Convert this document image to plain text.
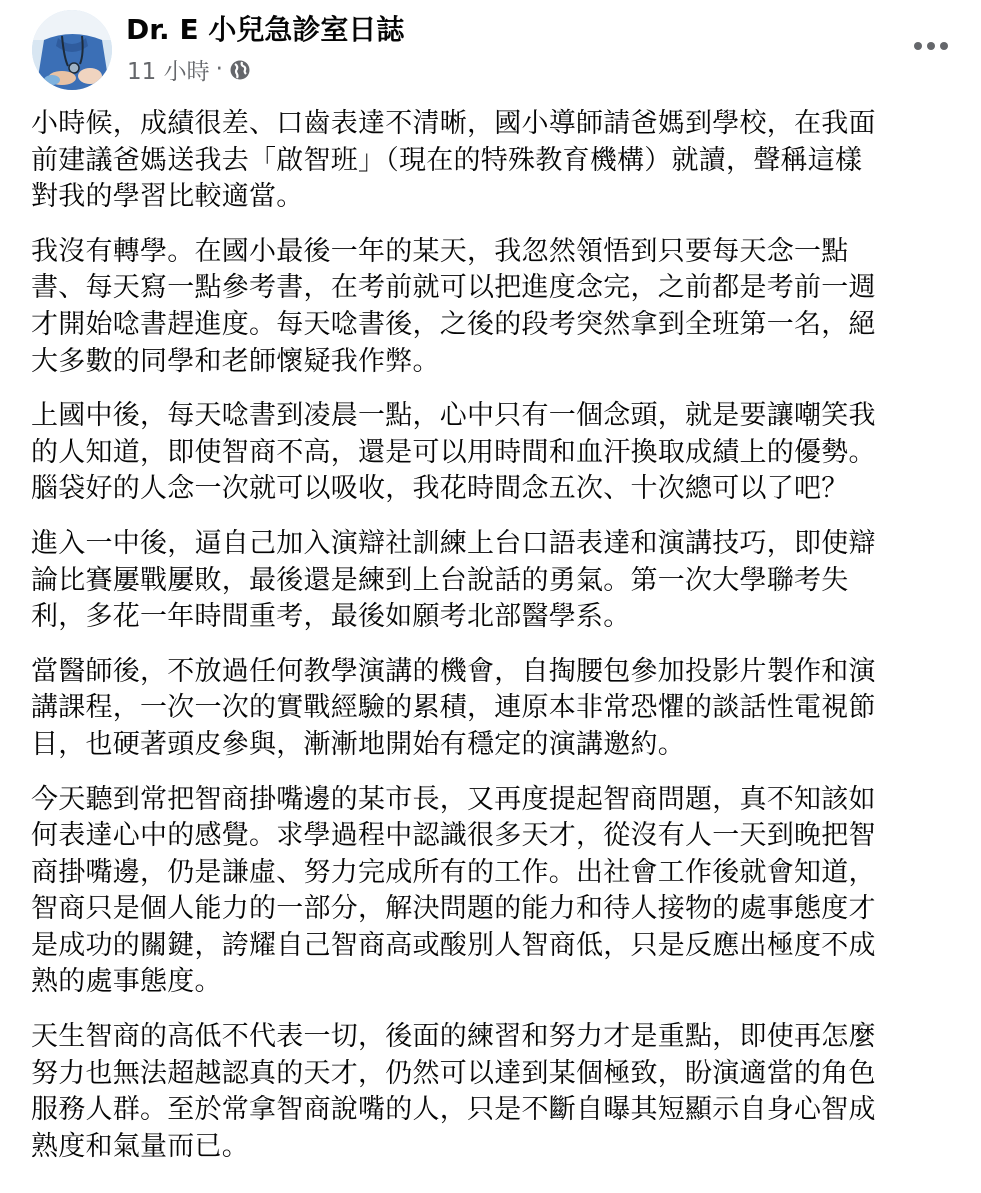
Dr. E 小兒急診室日誌
11 小時 ·

小時候，成績很差、口齒表達不清晰，國小導師請爸媽到學校，在我面
前建議爸媽送我去「啟智班」（現在的特殊教育機構）就讀，聲稱這樣
對我的學習比較適當。

我沒有轉學。在國小最後一年的某天，我忽然領悟到只要每天念一點
書、每天寫一點參考書，在考前就可以把進度念完，之前都是考前一週
才開始唸書趕進度。每天唸書後，之後的段考突然拿到全班第一名，絕
大多數的同學和老師懷疑我作弊。

上國中後，每天唸書到凌晨一點，心中只有一個念頭，就是要讓嘲笑我
的人知道，即使智商不高，還是可以用時間和血汗換取成績上的優勢。
腦袋好的人念一次就可以吸收，我花時間念五次、十次總可以了吧？

進入一中後，逼自己加入演辯社訓練上台口語表達和演講技巧，即使辯
論比賽屢戰屢敗，最後還是練到上台說話的勇氣。第一次大學聯考失
利，多花一年時間重考，最後如願考北部醫學系。

當醫師後，不放過任何教學演講的機會，自掏腰包參加投影片製作和演
講課程，一次一次的實戰經驗的累積，連原本非常恐懼的談話性電視節
目，也硬著頭皮參與，漸漸地開始有穩定的演講邀約。

今天聽到常把智商掛嘴邊的某市長，又再度提起智商問題，真不知該如
何表達心中的感覺。求學過程中認識很多天才，從沒有人一天到晚把智
商掛嘴邊，仍是謙虛、努力完成所有的工作。出社會工作後就會知道，
智商只是個人能力的一部分，解決問題的能力和待人接物的處事態度才
是成功的關鍵，誇耀自己智商高或酸別人智商低，只是反應出極度不成
熟的處事態度。

天生智商的高低不代表一切，後面的練習和努力才是重點，即使再怎麼
努力也無法超越認真的天才，仍然可以達到某個極致，盼演適當的角色
服務人群。至於常拿智商說嘴的人，只是不斷自曝其短顯示自身心智成
熟度和氣量而已。
